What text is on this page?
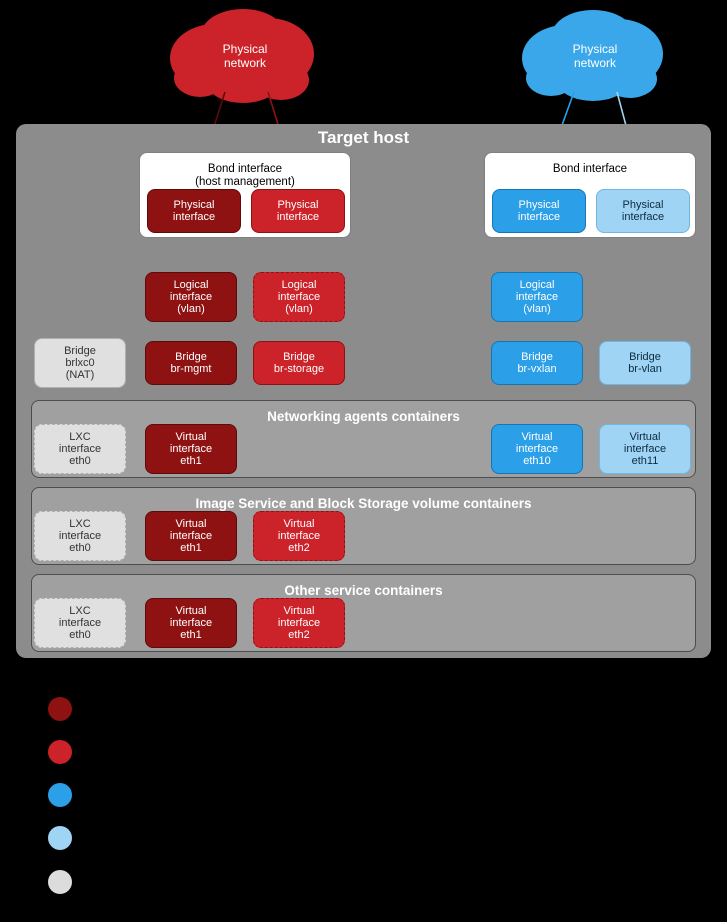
Physical
network
Physical
network
Target host
Bond interface
(host management)
Bond interface
Networking agents containers
Image Service and Block Storage volume containers
Other service containers
Physical
interface
Physical
interface
Physical
interface
Physical
interface
Logical
interface
(vlan)
Logical
interface
(vlan)
Logical
interface
(vlan)
Bridge
brlxc0
(NAT)
Bridge
br-mgmt
Bridge
br-storage
Bridge
br-vxlan
Bridge
br-vlan
LXC
interface
eth0
Virtual
interface
eth1
Virtual
interface
eth10
Virtual
interface
eth11
LXC
interface
eth0
Virtual
interface
eth1
Virtual
interface
eth2
LXC
interface
eth0
Virtual
interface
eth1
Virtual
interface
eth2
